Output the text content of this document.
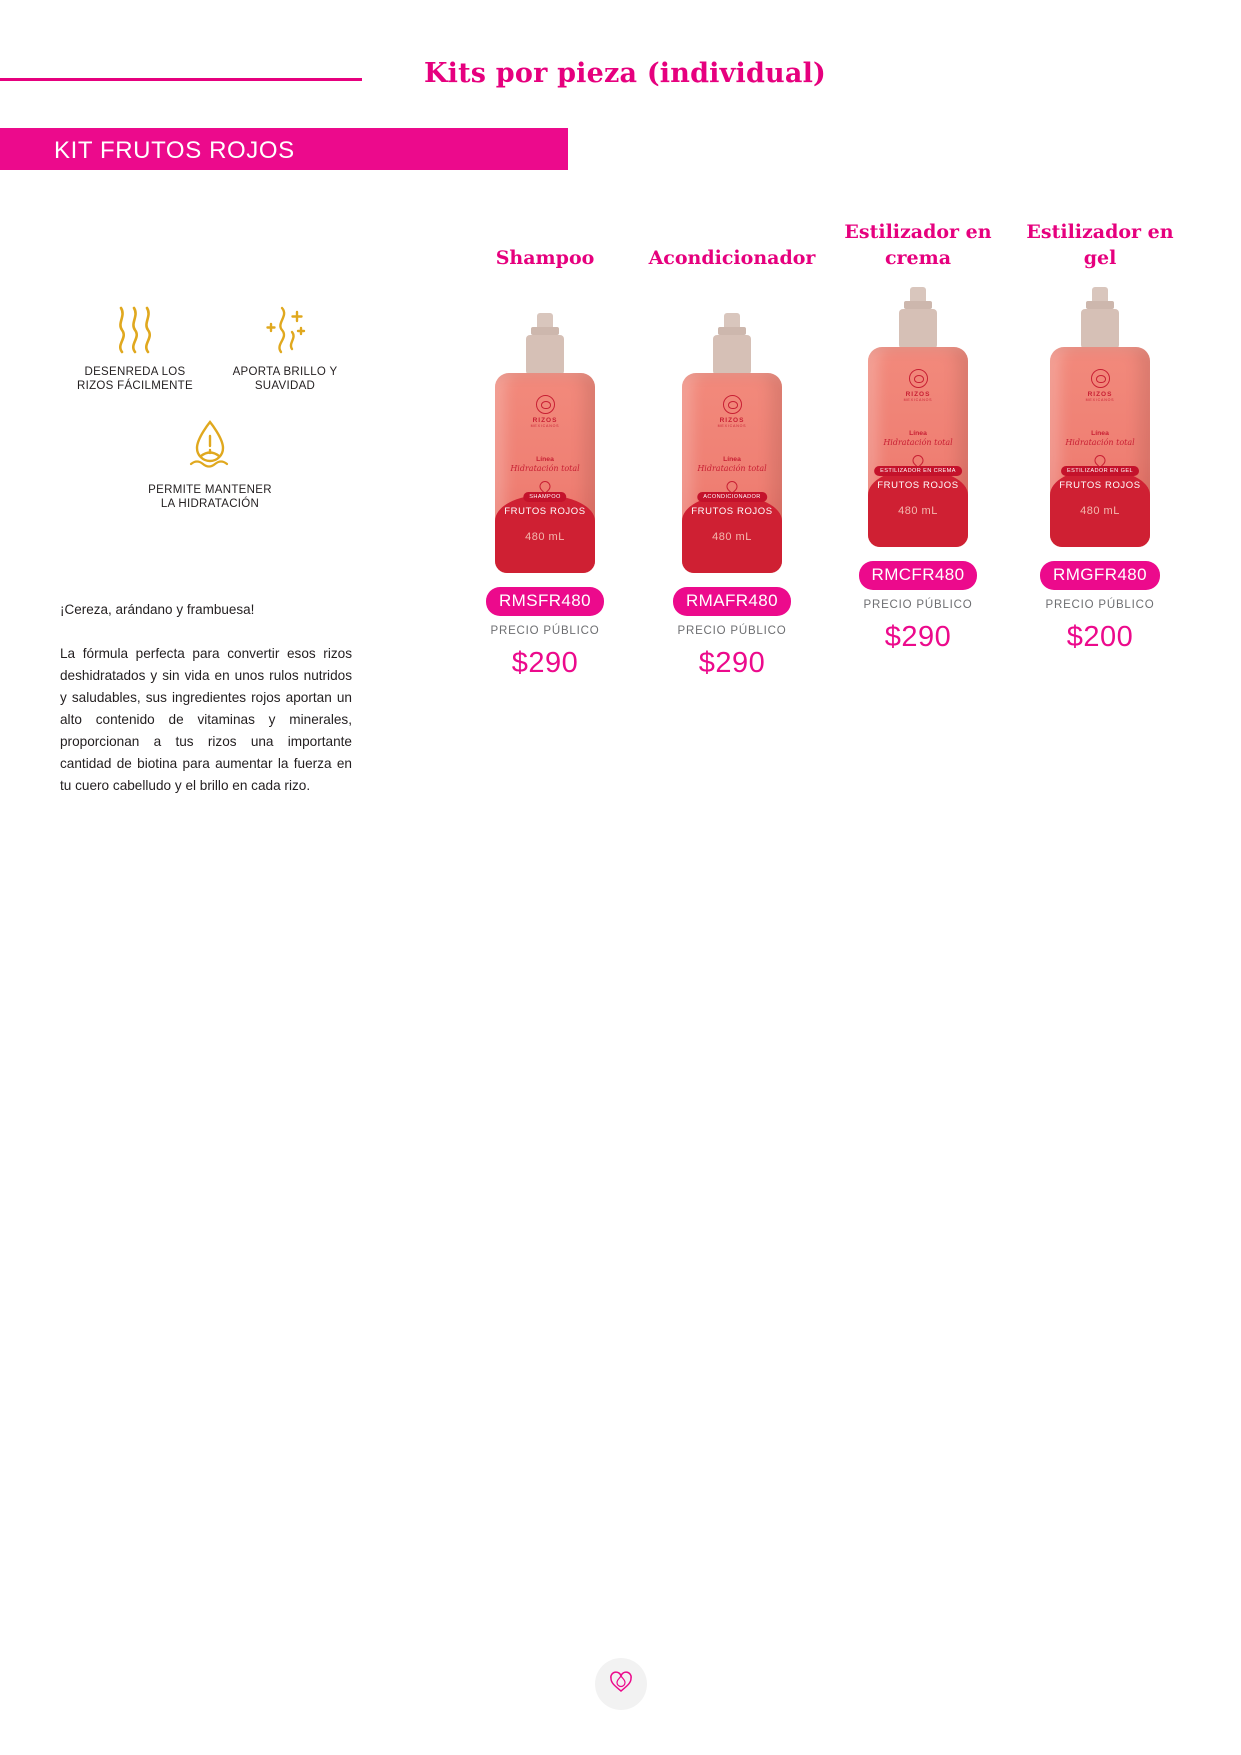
Kits por pieza (individual)
KIT FRUTOS ROJOS
DESENREDA LOS RIZOS FÁCILMENTE
APORTA BRILLO Y SUAVIDAD
PERMITE MANTENER LA HIDRATACIÓN
¡Cereza, arándano y frambuesa!
La fórmula perfecta para convertir esos rizos deshidratados y sin vida en unos rulos nutridos y saludables, sus ingredientes rojos aportan un alto contenido de vitaminas y minerales, proporcionan a tus rizos una importante cantidad de biotina para aumentar la fuerza en tu cuero cabelludo y el brillo en cada rizo.
Shampoo
RIZOS
MEXICANOS
Línea
Hidratación total
SHAMPOO
FRUTOS ROJOS
480 mL
RMSFR480
PRECIO PÚBLICO
$290
Acondicionador
RIZOS
MEXICANOS
Línea
Hidratación total
ACONDICIONADOR
FRUTOS ROJOS
480 mL
RMAFR480
PRECIO PÚBLICO
$290
Estilizador en crema
RIZOS
MEXICANOS
Línea
Hidratación total
ESTILIZADOR EN CREMA
FRUTOS ROJOS
480 mL
RMCFR480
PRECIO PÚBLICO
$290
Estilizador en gel
RIZOS
MEXICANOS
Línea
Hidratación total
ESTILIZADOR EN GEL
FRUTOS ROJOS
480 mL
RMGFR480
PRECIO PÚBLICO
$200
